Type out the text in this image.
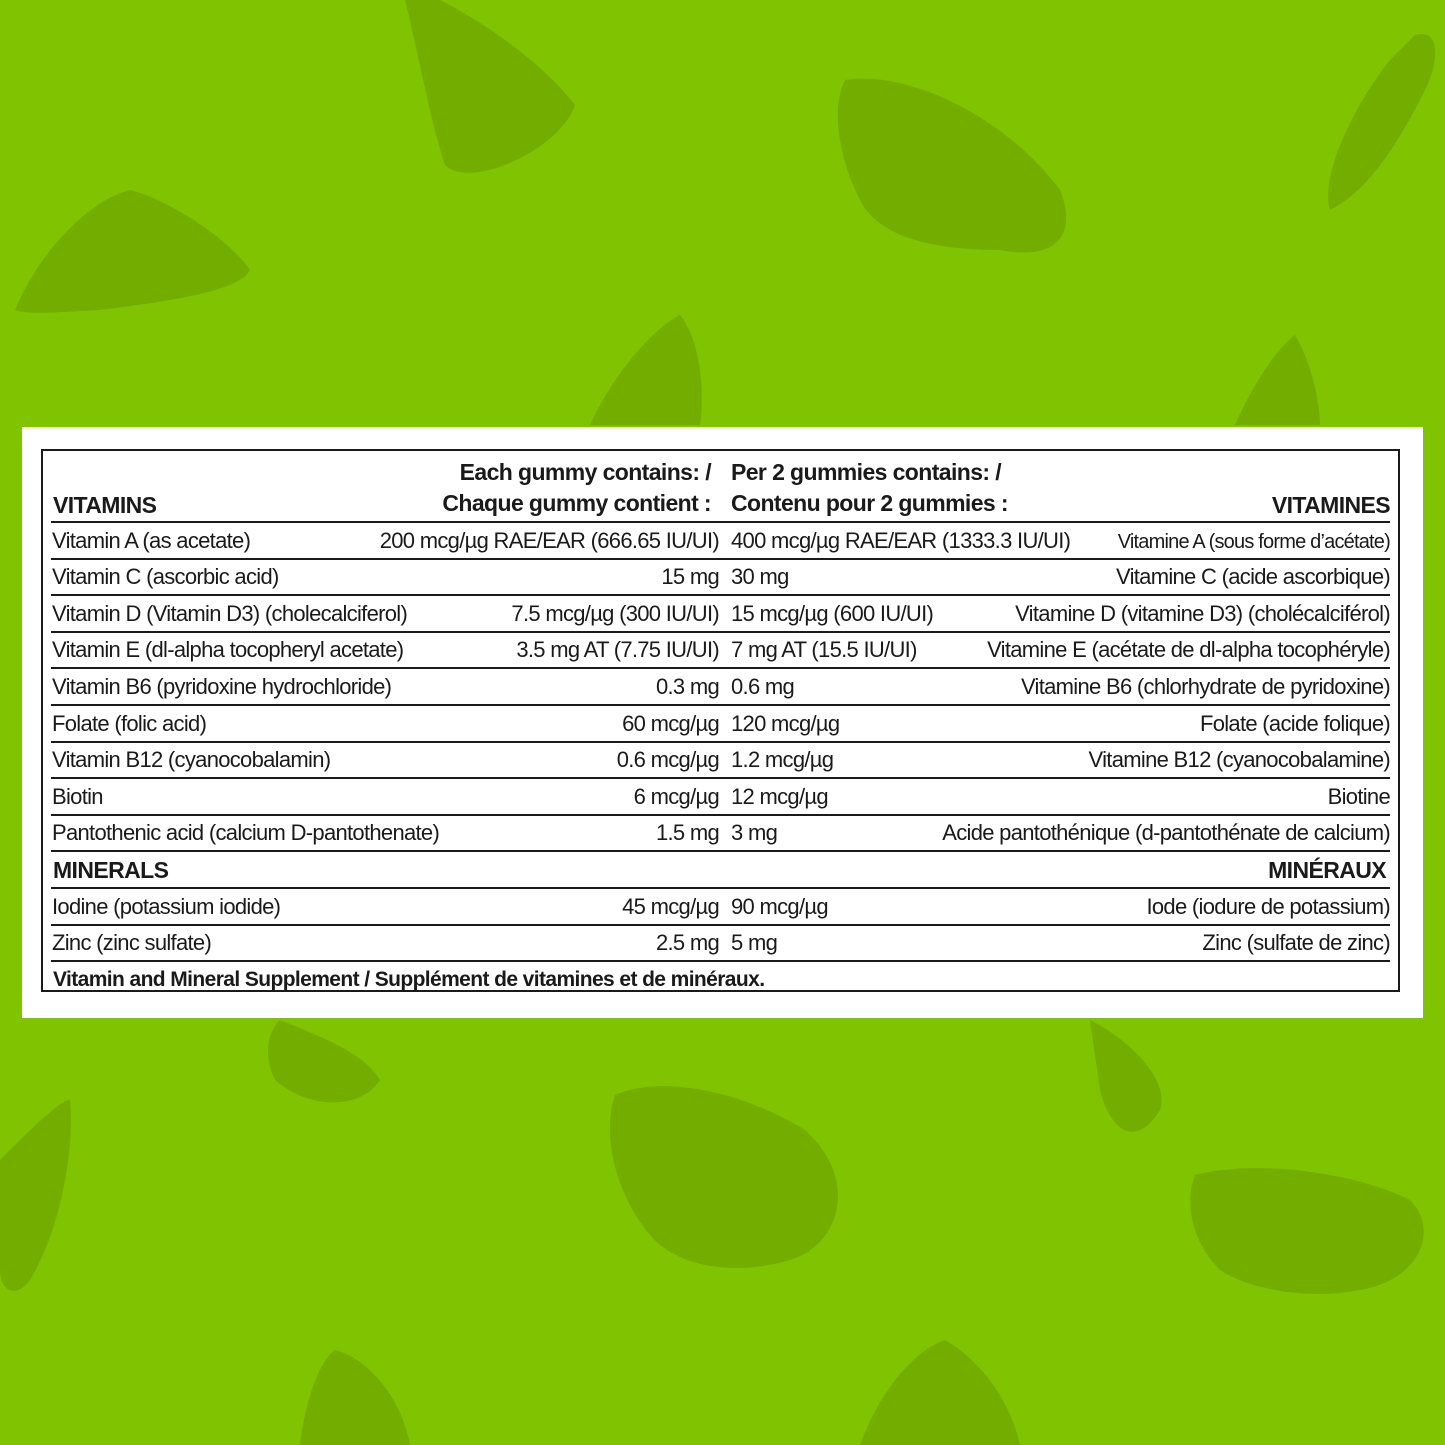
VITAMINS
Each gummy contains: /
Chaque gummy contient :
Per 2 gummies contains: /
Contenu pour 2 gummies :	VITAMINES
Vitamin A (as acetate)	200 mcg/µg RAE/EAR (666.65 IU/UI) 400 mcg/µg RAE/EAR (1333.3 IU/UI) Vitamine A (sous forme d’acétate)
Vitamin C (ascorbic acid)	15 mg 30 mg	Vitamine C (acide ascorbique)
Vitamin D (Vitamin D3) (cholecalciferol)	7.5 mcg/µg (300 IU/UI) 15 mcg/µg (600 IU/UI)	Vitamine D (vitamine D3) (cholécalciférol)
Vitamin E (dl-alpha tocopheryl acetate)	3.5 mg AT (7.75 IU/UI) 7 mg AT (15.5 IU/UI)	Vitamine E (acétate de dl-alpha tocophéryle)
Vitamin B6 (pyridoxine hydrochloride)	0.3 mg 0.6 mg	Vitamine B6 (chlorhydrate de pyridoxine)
Folate (folic acid)	60 mcg/µg 120 mcg/µg	Folate (acide folique)
Vitamin B12 (cyanocobalamin)	0.6 mcg/µg 1.2 mcg/µg	Vitamine B12 (cyanocobalamine)
Biotin	6 mcg/µg 12 mcg/µg	Biotine
Pantothenic acid (calcium D-pantothenate)	1.5 mg 3 mg	Acide pantothénique (d-pantothénate de calcium)
MINERALS	MINÉRAUX
Iodine (potassium iodide)	45 mcg/µg 90 mcg/µg	Iode (iodure de potassium)
Zinc (zinc sulfate)	2.5 mg 5 mg	Zinc (sulfate de zinc)
Vitamin and Mineral Supplement / Supplément de vitamines et de minéraux.
